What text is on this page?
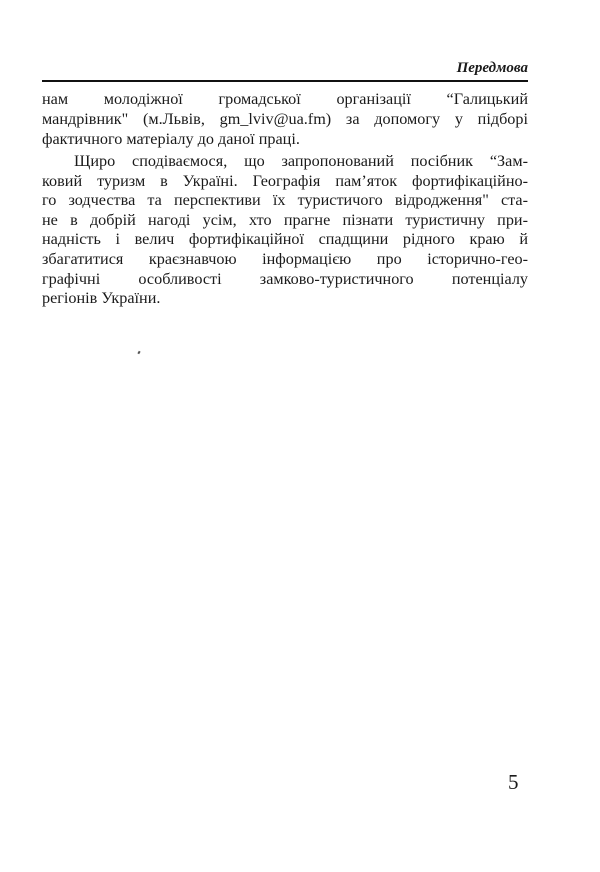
Передмова
нам молодіжної громадської організації “Галицький
мандрівник" (м.Львів, gm_lviv@ua.fm) за допомогу у підборі
фактичного матеріалу до даної праці.
Щиро сподіваємося, що запропонований посібник “Зам-
ковий туризм в Україні. Географія пам’яток фортифікаційно-
го зодчества та перспективи їх туристичого відродження" ста-
не в добрій нагоді усім, хто прагне пізнати туристичну при-
надність і велич фортифікаційної спадщини рідного краю й
збагатитися краєзнавчою інформацією про історично-гео-
графічні особливості замково-туристичного потенціалу
регіонів України.
5
